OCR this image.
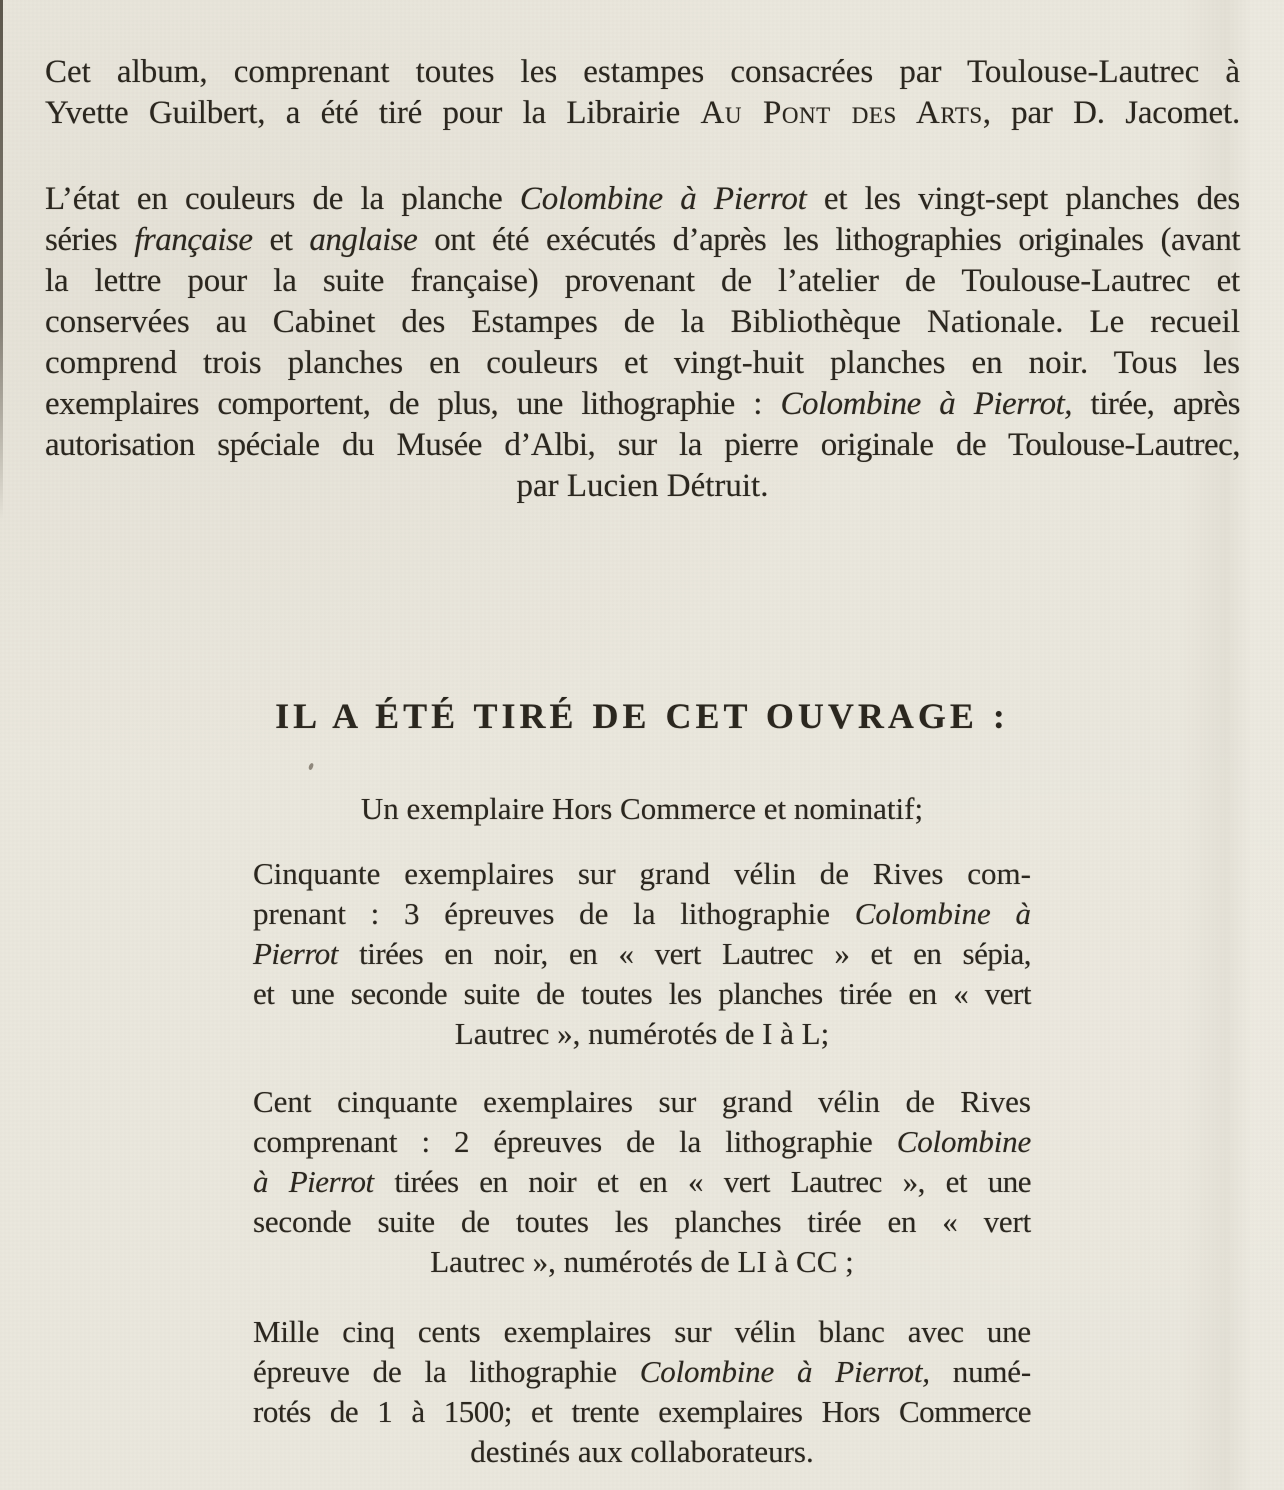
Cet album, comprenant toutes les estampes consacrées par Toulouse-Lautrec à
Yvette Guilbert, a été tiré pour la Librairie Au Pont des Arts, par D. Jacomet.
L’état en couleurs de la planche Colombine à Pierrot et les vingt-sept planches des
séries française et anglaise ont été exécutés d’après les lithographies originales (avant
la lettre pour la suite française) provenant de l’atelier de Toulouse-Lautrec et
conservées au Cabinet des Estampes de la Bibliothèque Nationale. Le recueil
comprend trois planches en couleurs et vingt-huit planches en noir. Tous les
exemplaires comportent, de plus, une lithographie : Colombine à Pierrot, tirée, après
autorisation spéciale du Musée d’Albi, sur la pierre originale de Toulouse-Lautrec,
par Lucien Détruit.
IL A ÉTÉ TIRÉ DE CET OUVRAGE :
Un exemplaire Hors Commerce et nominatif;
Cinquante exemplaires sur grand vélin de Rives com-
prenant : 3 épreuves de la lithographie Colombine à
Pierrot tirées en noir, en « vert Lautrec » et en sépia,
et une seconde suite de toutes les planches tirée en « vert
Lautrec », numérotés de I à L;
Cent cinquante exemplaires sur grand vélin de Rives
comprenant : 2 épreuves de la lithographie Colombine
à Pierrot tirées en noir et en « vert Lautrec », et une
seconde suite de toutes les planches tirée en « vert
Lautrec », numérotés de LI à CC ;
Mille cinq cents exemplaires sur vélin blanc avec une
épreuve de la lithographie Colombine à Pierrot, numé-
rotés de 1 à 1500; et trente exemplaires Hors Commerce
destinés aux collaborateurs.
